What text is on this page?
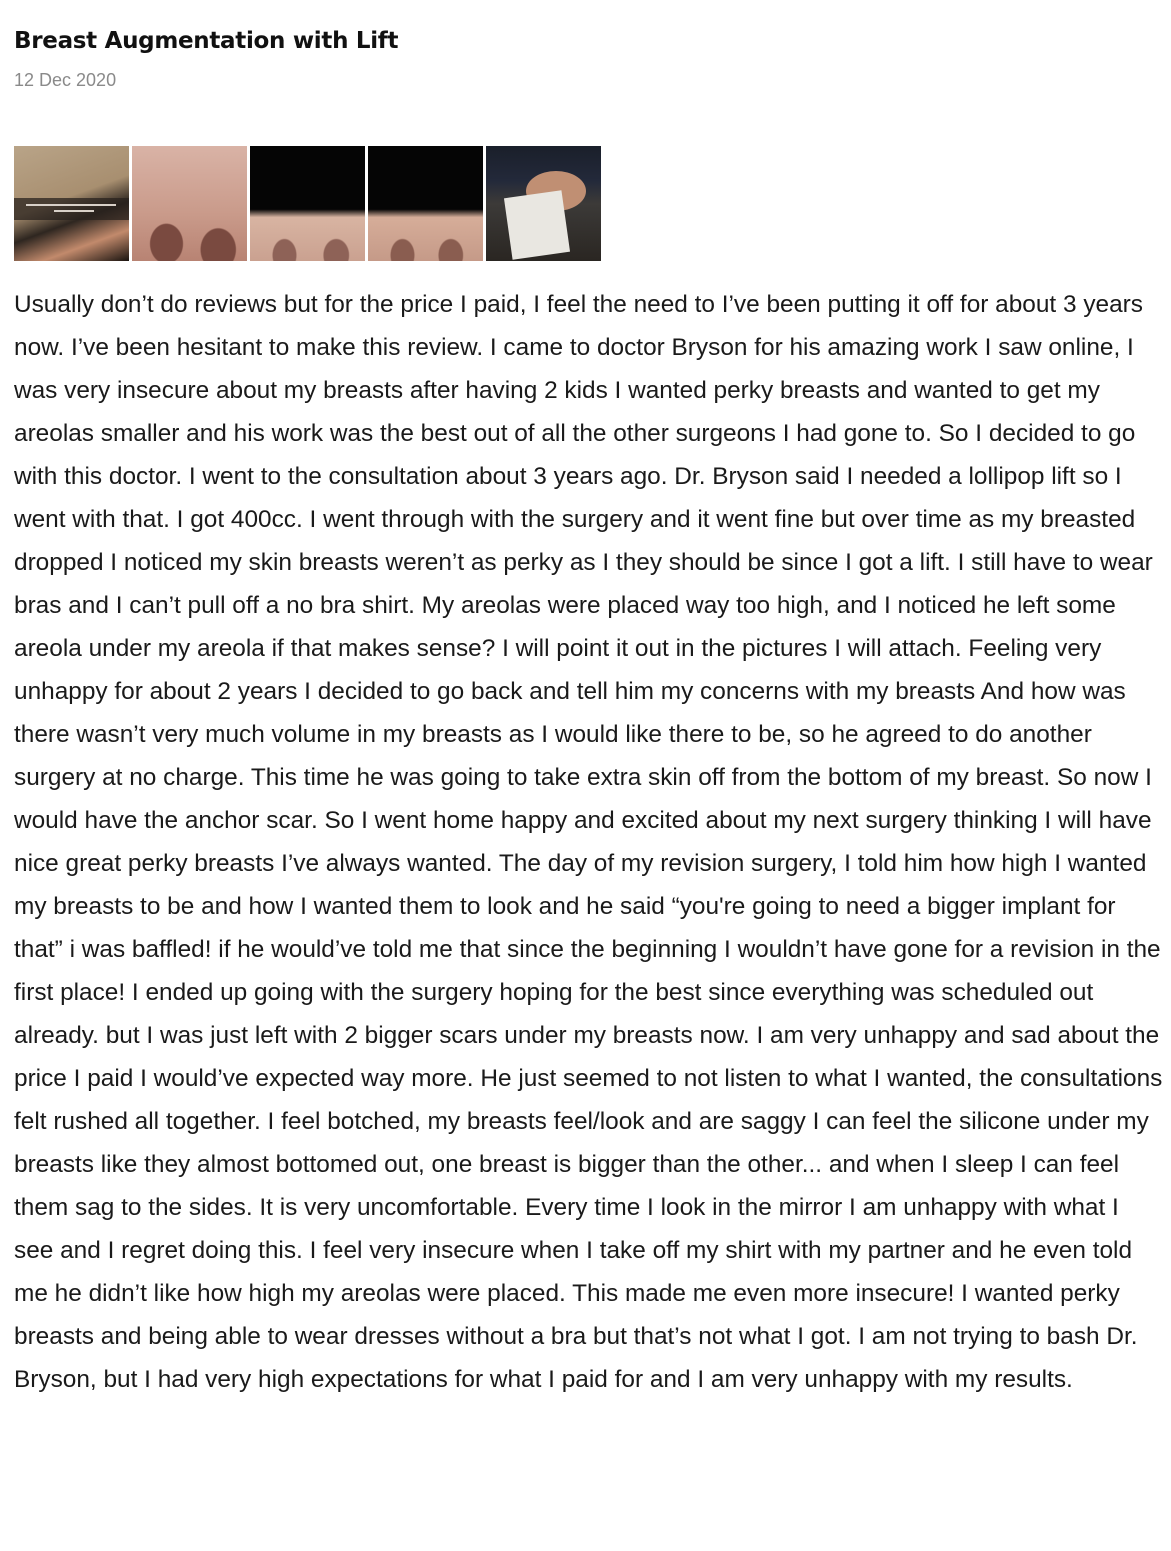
Breast Augmentation with Lift
12 Dec 2020

Usually don’t do reviews but for the price I paid, I feel the need to I’ve been putting it off for about 3 years now. I’ve been hesitant to make this review. I came to doctor Bryson for his amazing work I saw online, I was very insecure about my breasts after having 2 kids I wanted perky breasts and wanted to get my areolas smaller and his work was the best out of all the other surgeons I had gone to. So I decided to go with this doctor. I went to the consultation about 3 years ago. Dr. Bryson said I needed a lollipop lift so I went with that. I got 400cc. I went through with the surgery and it went fine but over time as my breasted dropped I noticed my skin breasts weren’t as perky as I they should be since I got a lift. I still have to wear bras and I can’t pull off a no bra shirt. My areolas were placed way too high, and I noticed he left some areola under my areola if that makes sense? I will point it out in the pictures I will attach. Feeling very unhappy for about 2 years I decided to go back and tell him my concerns with my breasts And how was there wasn’t very much volume in my breasts as I would like there to be, so he agreed to do another surgery at no charge. This time he was going to take extra skin off from the bottom of my breast. So now I would have the anchor scar. So I went home happy and excited about my next surgery thinking I will have nice great perky breasts I’ve always wanted. The day of my revision surgery, I told him how high I wanted my breasts to be and how I wanted them to look and he said “you're going to need a bigger implant for that” i was baffled! if he would’ve told me that since the beginning I wouldn’t have gone for a revision in the first place! I ended up going with the surgery hoping for the best since everything was scheduled out already. but I was just left with 2 bigger scars under my breasts now. I am very unhappy and sad about the price I paid I would’ve expected way more. He just seemed to not listen to what I wanted, the consultations felt rushed all together. I feel botched, my breasts feel/look and are saggy I can feel the silicone under my breasts like they almost bottomed out, one breast is bigger than the other... and when I sleep I can feel them sag to the sides. It is very uncomfortable. Every time I look in the mirror I am unhappy with what I see and I regret doing this. I feel very insecure when I take off my shirt with my partner and he even told me he didn’t like how high my areolas were placed. This made me even more insecure! I wanted perky breasts and being able to wear dresses without a bra but that’s not what I got. I am not trying to bash Dr. Bryson, but I had very high expectations for what I paid for and I am very unhappy with my results.
